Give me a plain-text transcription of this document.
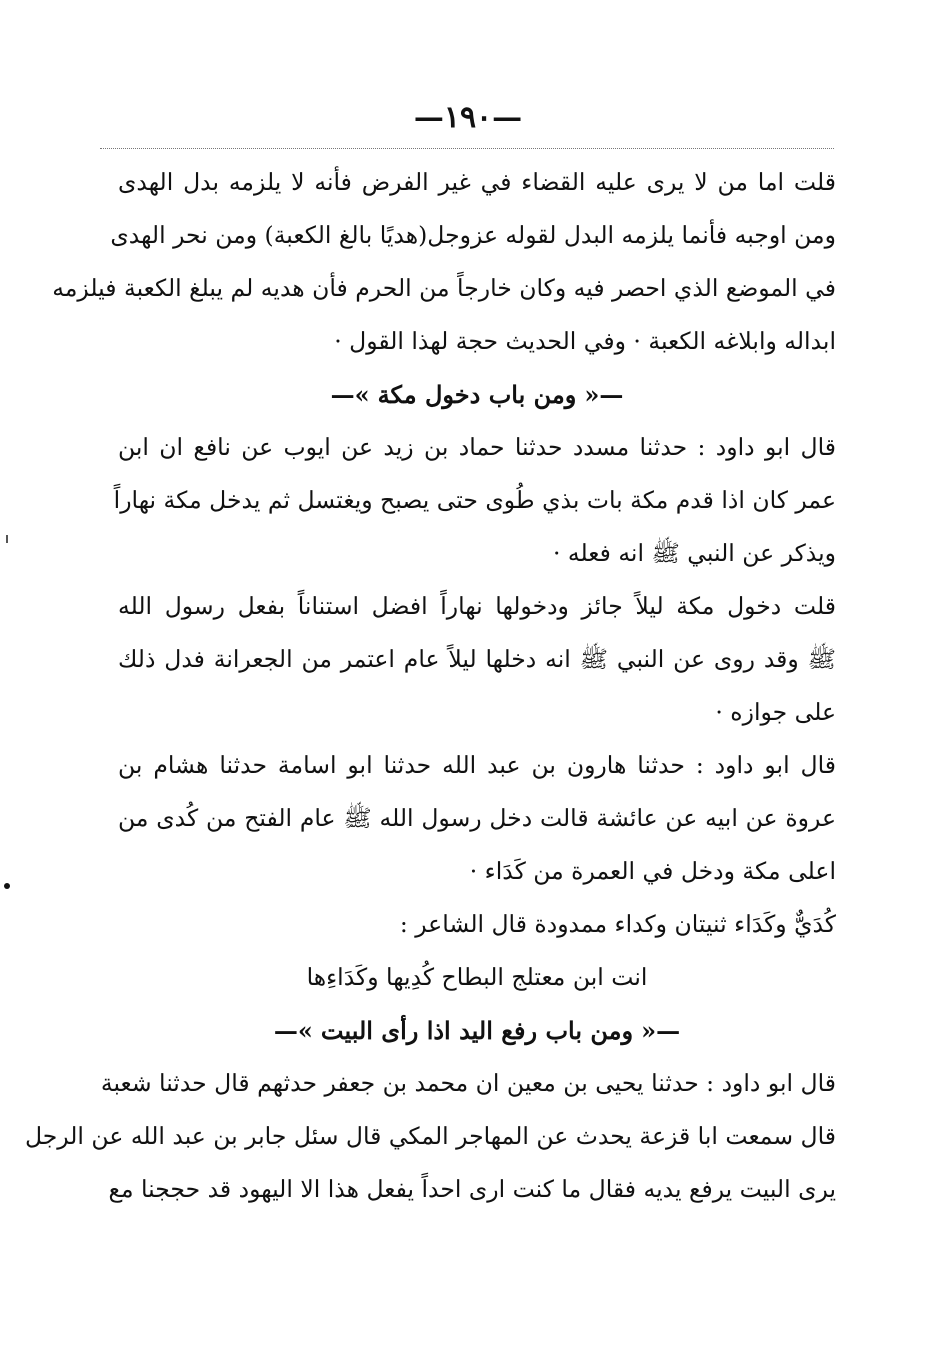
—١٩٠—
قلت اما من لا يرى عليه القضاء في غير الفرض فأنه لا يلزمه بدل الهدى
ومن اوجبه فأنما يلزمه البدل لقوله عزوجل(هديًا بالغ الكعبة) ومن نحر الهدى
في الموضع الذي احصر فيه وكان خارجاً من الحرم فأن هديه لم يبلغ الكعبة فيلزمه
ابداله وابلاغه الكعبة · وفي الحديث حجة لهذا القول ·
—«ومن باب دخول مكة»—
قال ابو داود : حدثنا مسدد حدثنا حماد بن زيد عن ايوب عن نافع ان ابن
عمر كان اذا قدم مكة بات بذي طُوى حتى يصبح ويغتسل ثم يدخل مكة نهاراً
ويذكر عن النبي ﷺ انه فعله ·
قلت دخول مكة ليلاً جائز ودخولها نهاراً افضل استناناً بفعل رسول الله
ﷺ وقد روى عن النبي ﷺ انه دخلها ليلاً عام اعتمر من الجعرانة فدل ذلك
على جوازه ·
قال ابو داود : حدثنا هارون بن عبد الله حدثنا ابو اسامة حدثنا هشام بن
عروة عن ابيه عن عائشة قالت دخل رسول الله ﷺ عام الفتح من كُدى من
اعلى مكة ودخل في العمرة من كَدَاء ·
كُدَيٌّ وكَدَاء ثنيتان وكداء ممدودة قال الشاعر :
انت ابن معتلج البطاح كُدِيها وكَدَاءِها
—«ومن باب رفع اليد اذا رأى البيت»—
قال ابو داود : حدثنا يحيى بن معين ان محمد بن جعفر حدثهم قال حدثنا شعبة
قال سمعت ابا قزعة يحدث عن المهاجر المكي قال سئل جابر بن عبد الله عن الرجل
يرى البيت يرفع يديه فقال ما كنت ارى احداً يفعل هذا الا اليهود قد حججنا مع
